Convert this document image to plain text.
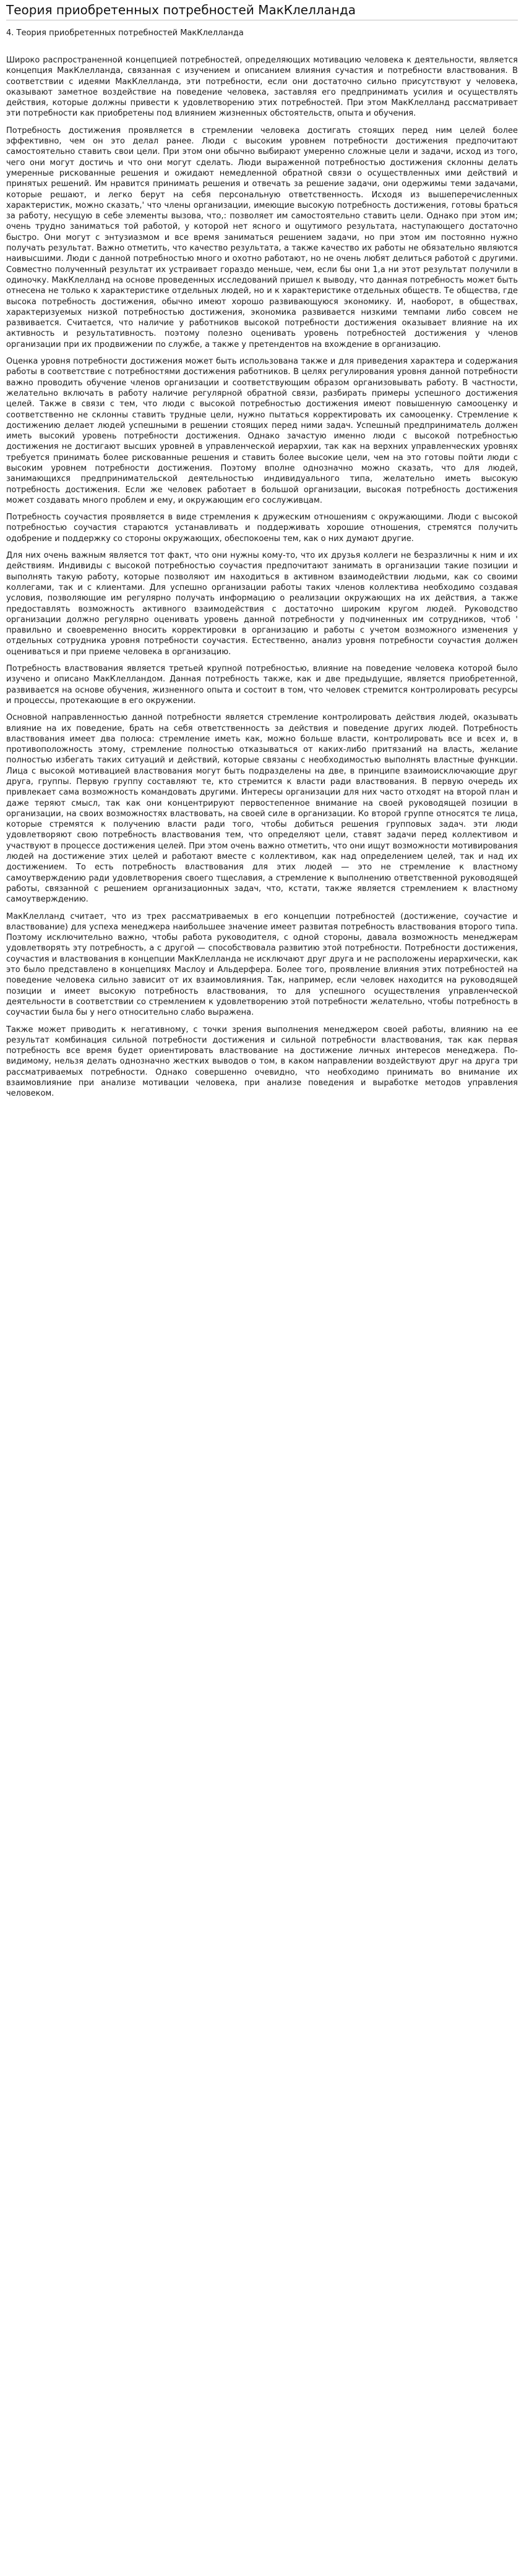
Теория приобретенных потребностей МакКлелланда
4. Теория приобретенных потребностей МакКлелланда

Широко распространенной концепцией потребностей, определяющих мотивацию человека к деятельности, является концепция МакКлелланда, связанная с изучением и описанием влияния сучастия и потребности властвования. В соответствии с идеями МакКлелланда, эти потребности, если они достаточно сильно присутствуют у человека, оказывают заметное воздействие на поведение человека, заставляя его предпринимать усилия и осуществлять действия, которые должны привести к удовлетворению этих потребностей. При этом МакКлелланд рассматривает эти потребности как приобретены под влиянием жизненных обстоятельств, опыта и обучения.

Потребность достижения проявляется в стремлении человека достигать стоящих перед ним целей более эффективно, чем он это делал ранее. Люди с высоким уровнем потребности достижения предпочитают самостоятельно ставить свои цели. При этом они обычно выбирают умеренно сложные цели и задачи, исход из того, чего они могут достичь и что они могут сделать. Люди выраженной потребностью достижения склонны делать умеренные рискованные решения и ожидают немедленной обратной связи о осуществленных ими действий и принятых решений. Им нравится принимать решения и отвечать за решение задачи, они одержимы теми задачами, которые решают, и легко берут на себя персональную ответственность. Исходя из вышеперечисленных характеристик, можно сказать,' что члены организации, имеющие высокую потребность достижения, готовы браться за работу, несущую в себе элементы вызова, что,: позволяет им самостоятельно ставить цели. Однако при этом им; очень трудно заниматься той работой, у которой нет ясного и ощутимого результата, наступающего достаточно быстро. Они могут с энтузиазмом и все время заниматься решением задачи, но при этом им постоянно нужно получать результат. Важно отметить, что качество результата, а также качество их работы не обязательно являются наивысшими. Люди с данной потребностью много и охотно работают, но не очень любят делиться работой с другими. Совместно полученный результат их устраивает гораздо меньше, чем, если бы они 1,а ни этот результат получили в одиночку. МакКлелланд на основе проведенных исследований пришел к выводу, что данная потребность может быть отнесена не только к характеристике отдельных людей, но и к характеристике отдельных обществ. Те общества, где высока потребность достижения, обычно имеют хорошо развивающуюся экономику. И, наоборот, в обществах, характеризуемых низкой потребностью достижения, экономика развивается низкими темпами либо совсем не развивается. Считается, что наличие у работников высокой потребности достижения оказывает влияние на их активность и результативность. поэтому полезно оценивать уровень потребностей достижения у членов организации при их продвижении по службе, а также у претендентов на вхождение в организацию.

Оценка уровня потребности достижения может быть использована также и для приведения характера и содержания работы в соответствие с потребностями достижения работников. В целях регулирования уровня данной потребности важно проводить обучение членов организации и соответствующим образом организовывать работу. В частности, желательно включать в работу наличие регулярной обратной связи, разбирать примеры успешного достижения целей. Также в связи с тем, что люди с высокой потребностью достижения имеют повышенную самооценку и соответственно не склонны ставить трудные цели, нужно пытаться корректировать их самооценку. Стремление к достижению делает людей успешными в решении стоящих перед ними задач. Успешный предприниматель должен иметь высокий уровень потребности достижения. Однако зачастую именно люди с высокой потребностью достижения не достигают высших уровней в управленческой иерархии, так как на верхних управленческих уровнях требуется принимать более рискованные решения и ставить более высокие цели, чем на это готовы пойти люди с высоким уровнем потребности достижения. Поэтому вполне однозначно можно сказать, что для людей, занимающихся предпринимательской деятельностью индивидуального типа, желательно иметь высокую потребность достижения. Если же человек работает в большой организации, высокая потребность достижения может создавать много проблем и ему, и окружающим его сослуживцам.

Потребность соучастия проявляется в виде стремления к дружеским отношениям с окружающими. Люди с высокой потребностью соучастия стараются устанавливать и поддерживать хорошие отношения, стремятся получить одобрение и поддержку со стороны окружающих, обеспокоены тем, как о них думают другие.

Для них очень важным является тот факт, что они нужны кому-то, что их друзья коллеги не безразличны к ним и их действиям. Индивиды с высокой потребностью соучастия предпочитают занимать в организации такие позиции и выполнять такую работу, которые позволяют им находиться в активном взаимодействии людьми, как со своими коллегами, так и с клиентами. Для успешно организации работы таких членов коллектива необходимо создавая условия, позволяющие им регулярно получать информацию о реализации окружающих на их действия, а также предоставлять возможность активного взаимодействия с достаточно широким кругом людей. Руководство организации должно регулярно оценивать уровень данной потребности у подчиненных им сотрудников, чтоб ' правильно и своевременно вносить корректировки в организацию и работы с учетом возможного изменения у отдельных сотрудника уровня потребности соучастия. Естественно, анализ уровня потребности соучастия должен оцениваться и при приеме человека в организацию.

Потребность властвования является третьей крупной потребностью, влияние на поведение человека которой было изучено и описано МакКлелландом. Данная потребность также, как и две предыдущие, является приобретенной, развивается на основе обучения, жизненного опыта и состоит в том, что человек стремится контролировать ресурсы и процессы, протекающие в его окружении.

Основной направленностью данной потребности является стремление контролировать действия людей, оказывать влияние на их поведение, брать на себя ответственность за действия и поведение других людей. Потребность властвования имеет два полюса: стремление иметь как, можно больше власти, контролировать все и всех и, в противоположность этому, стремление полностью отказываться от каких-либо притязаний на власть, желание полностью избегать таких ситуаций и действий, которые связаны с необходимостью выполнять властные функции. Лица с высокой мотивацией властвования могут быть подразделены на две, в принципе взаимоисключающие друг друга, группы. Первую группу составляют те, кто стремится к власти ради властвования. В первую очередь их привлекает сама возможность командовать другими. Интересы организации для них часто отходят на второй план и даже теряют смысл, так как они концентрируют первостепенное внимание на своей руководящей позиции в организации, на своих возможностях властвовать, на своей силе в организации. Ко второй группе относятся те лица, которые стремятся к получению власти ради того, чтобы добиться решения групповых задач. эти люди удовлетворяют свою потребность властвования тем, что определяют цели, ставят задачи перед коллективом и участвуют в процессе достижения целей. При этом очень важно отметить, что они ищут возможности мотивирования людей на достижение этих целей и работают вместе с коллективом, как над определением целей, так и над их достижением. То есть потребность властвования для этих людей — это не стремление к властному самоутверждению ради удовлетворения своего тщеславия, а стремление к выполнению ответственной руководящей работы, связанной с решением организационных задач, что, кстати, также является стремлением к властному самоутверждению.

МакКлелланд считает, что из трех рассматриваемых в его концепции потребностей (достижение, соучастие и властвование) для успеха менеджера наибольшее значение имеет развитая потребность властвования второго типа. Поэтому исключительно важно, чтобы работа руководителя, с одной стороны, давала возможность менеджерам удовлетворять эту потребность, а с другой — способствовала развитию этой потребности. Потребности достижения, соучастия и властвования в концепции МакКлелланда не исключают друг друга и не расположены иерархически, как это было представлено в концепциях Маслоу и Альдерфера. Более того, проявление влияния этих потребностей на поведение человека сильно зависит от их взаимовлияния. Так, например, если человек находится на руководящей позиции и имеет высокую потребность властвования, то для успешного осуществления управленческой деятельности в соответствии со стремлением к удовлетворению этой потребности желательно, чтобы потребность в соучастии была бы у него относительно слабо выражена.

Также может приводить к негативному, с точки зрения выполнения менеджером своей работы, влиянию на ее результат комбинация сильной потребности достижения и сильной потребности властвования, так как первая потребность все время будет ориентировать властвование на достижение личных интересов менеджера. По-видимому, нельзя делать однозначно жестких выводов о том, в каком направлении воздействуют друг на друга три рассматриваемых потребности. Однако совершенно очевидно, что необходимо принимать во внимание их взаимовлияние при анализе мотивации человека, при анализе поведения и выработке методов управления человеком.
